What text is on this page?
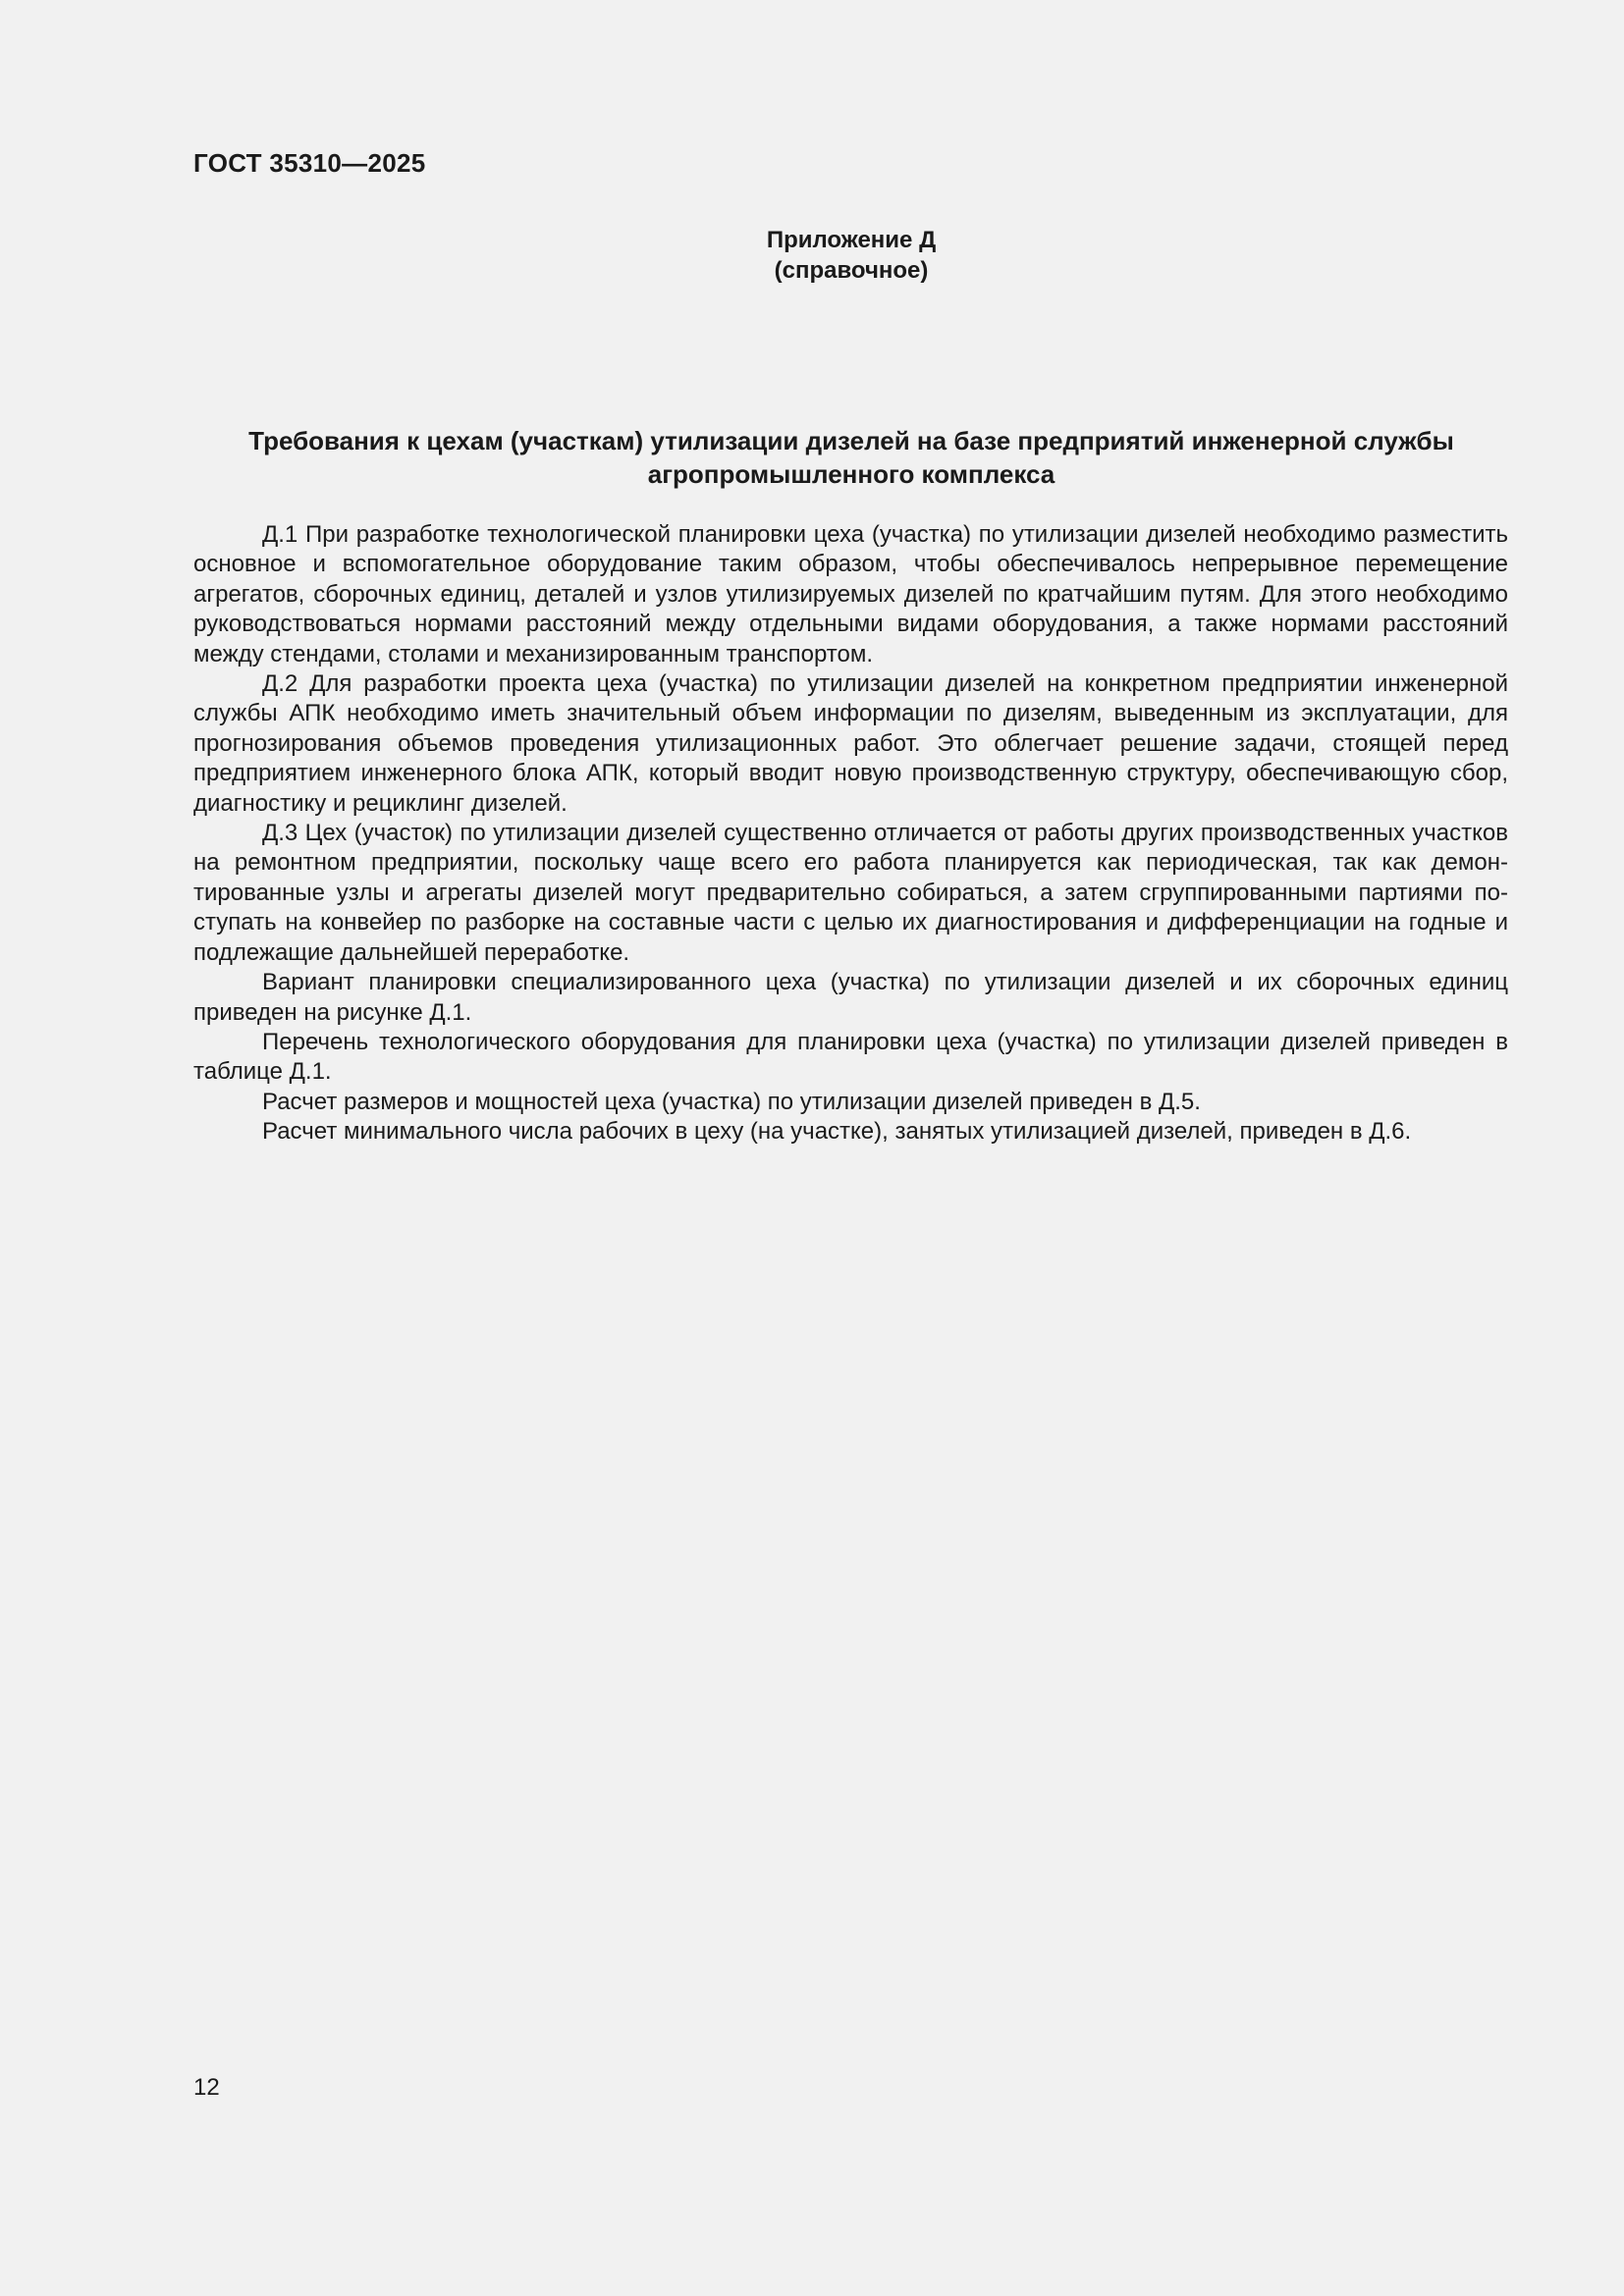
ГОСТ 35310—2025
Приложение Д
(справочное)
Требования к цехам (участкам) утилизации дизелей на базе предприятий инженерной службы
агропромышленного комплекса

Д.1 При разработке технологической планировки цеха (участка) по утилизации дизелей необходимо разместить основное и вспомогательное оборудование таким образом, чтобы обеспечивалось непрерывное перемещение агрегатов, сборочных единиц, деталей и узлов утилизируемых дизелей по кратчайшим путям. Для этого необходимо руководствоваться нормами расстояний между отдельными видами оборудования, а также нормами расстояний между стендами, столами и механизированным транспортом.

Д.2 Для разработки проекта цеха (участка) по утилизации дизелей на конкретном предприятии инженерной службы АПК необходимо иметь значительный объем информации по дизелям, выведенным из эксплуатации, для прогнозирования объемов проведения утилизационных работ. Это облегчает решение задачи, стоящей перед предприятием инженерного блока АПК, который вводит новую производственную структуру, обеспечивающую сбор, диагностику и рециклинг дизелей.

Д.3 Цех (участок) по утилизации дизелей существенно отличается от работы других производственных участков на ремонтном предприятии, поскольку чаще всего его работа планируется как периодическая, так как демонтированные узлы и агрегаты дизелей могут предварительно собираться, а затем сгруппированными партиями поступать на конвейер по разборке на составные части с целью их диагностирования и дифференциации на годные и подлежащие дальнейшей переработке.

Вариант планировки специализированного цеха (участка) по утилизации дизелей и их сборочных единиц приведен на рисунке Д.1.

Перечень технологического оборудования для планировки цеха (участка) по утилизации дизелей приведен в таблице Д.1.

Расчет размеров и мощностей цеха (участка) по утилизации дизелей приведен в Д.5.

Расчет минимального числа рабочих в цеху (на участке), занятых утилизацией дизелей, приведен в Д.6.

12
